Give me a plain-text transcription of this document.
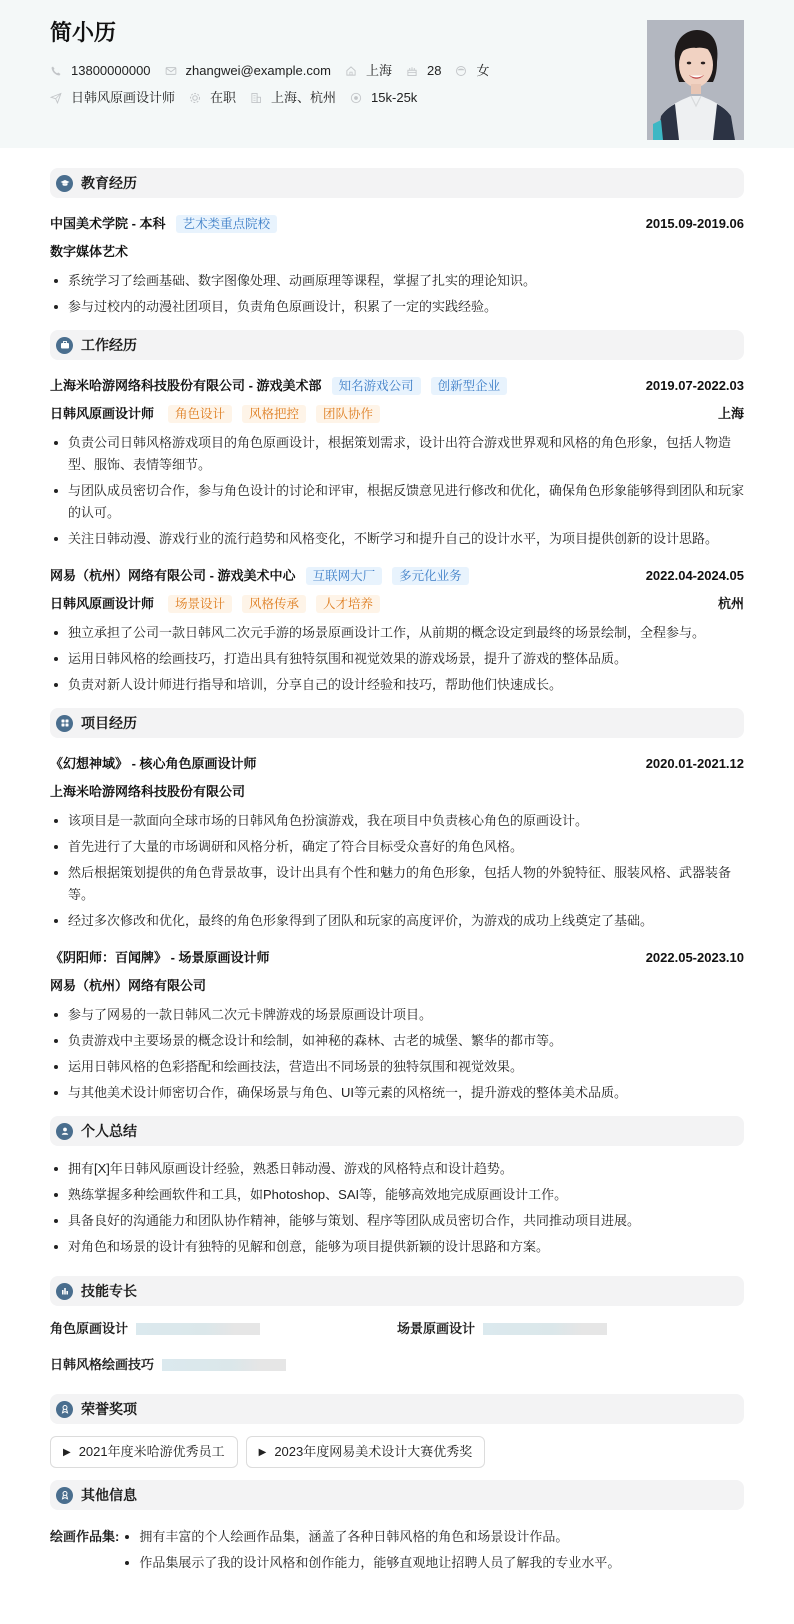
简小历
13800000000	zhangwei@example.com	上海	28	女
日韩风原画设计师	在职	上海、杭州	15k-25k
教育经历
中国美术学院 - 本科	艺术类重点院校	2015.09-2019.06
数字媒体艺术
系统学习了绘画基础、数字图像处理、动画原理等课程，掌握了扎实的理论知识。
参与过校内的动漫社团项目，负责角色原画设计，积累了一定的实践经验。
工作经历
上海米哈游网络科技股份有限公司 - 游戏美术部	知名游戏公司	创新型企业	2019.07-2022.03
日韩风原画设计师	角色设计	风格把控	团队协作	上海
负责公司日韩风格游戏项目的角色原画设计，根据策划需求，设计出符合游戏世界观和风格的角色形象，包括人物造型、服饰、表情等细节。
与团队成员密切合作，参与角色设计的讨论和评审，根据反馈意见进行修改和优化，确保角色形象能够得到团队和玩家的认可。
关注日韩动漫、游戏行业的流行趋势和风格变化，不断学习和提升自己的设计水平，为项目提供创新的设计思路。
网易（杭州）网络有限公司 - 游戏美术中心	互联网大厂	多元化业务	2022.04-2024.05
日韩风原画设计师	场景设计	风格传承	人才培养	杭州
独立承担了公司一款日韩风二次元手游的场景原画设计工作，从前期的概念设定到最终的场景绘制，全程参与。
运用日韩风格的绘画技巧，打造出具有独特氛围和视觉效果的游戏场景，提升了游戏的整体品质。
负责对新人设计师进行指导和培训，分享自己的设计经验和技巧，帮助他们快速成长。
项目经历
《幻想神域》 - 核心角色原画设计师	2020.01-2021.12
上海米哈游网络科技股份有限公司
该项目是一款面向全球市场的日韩风角色扮演游戏，我在项目中负责核心角色的原画设计。
首先进行了大量的市场调研和风格分析，确定了符合目标受众喜好的角色风格。
然后根据策划提供的角色背景故事，设计出具有个性和魅力的角色形象，包括人物的外貌特征、服装风格、武器装备等。
经过多次修改和优化，最终的角色形象得到了团队和玩家的高度评价，为游戏的成功上线奠定了基础。
《阴阳师：百闻牌》 - 场景原画设计师	2022.05-2023.10
网易（杭州）网络有限公司
参与了网易的一款日韩风二次元卡牌游戏的场景原画设计项目。
负责游戏中主要场景的概念设计和绘制，如神秘的森林、古老的城堡、繁华的都市等。
运用日韩风格的色彩搭配和绘画技法，营造出不同场景的独特氛围和视觉效果。
与其他美术设计师密切合作，确保场景与角色、UI等元素的风格统一，提升游戏的整体美术品质。
个人总结
拥有[X]年日韩风原画设计经验，熟悉日韩动漫、游戏的风格特点和设计趋势。
熟练掌握多种绘画软件和工具，如Photoshop、SAI等，能够高效地完成原画设计工作。
具备良好的沟通能力和团队协作精神，能够与策划、程序等团队成员密切合作，共同推动项目进展。
对角色和场景的设计有独特的见解和创意，能够为项目提供新颖的设计思路和方案。
技能专长
角色原画设计	场景原画设计
日韩风格绘画技巧
荣誉奖项
▶ 2021年度米哈游优秀员工	▶ 2023年度网易美术设计大赛优秀奖
其他信息
绘画作品集:	拥有丰富的个人绘画作品集，涵盖了各种日韩风格的角色和场景设计作品。
作品集展示了我的设计风格和创作能力，能够直观地让招聘人员了解我的专业水平。
